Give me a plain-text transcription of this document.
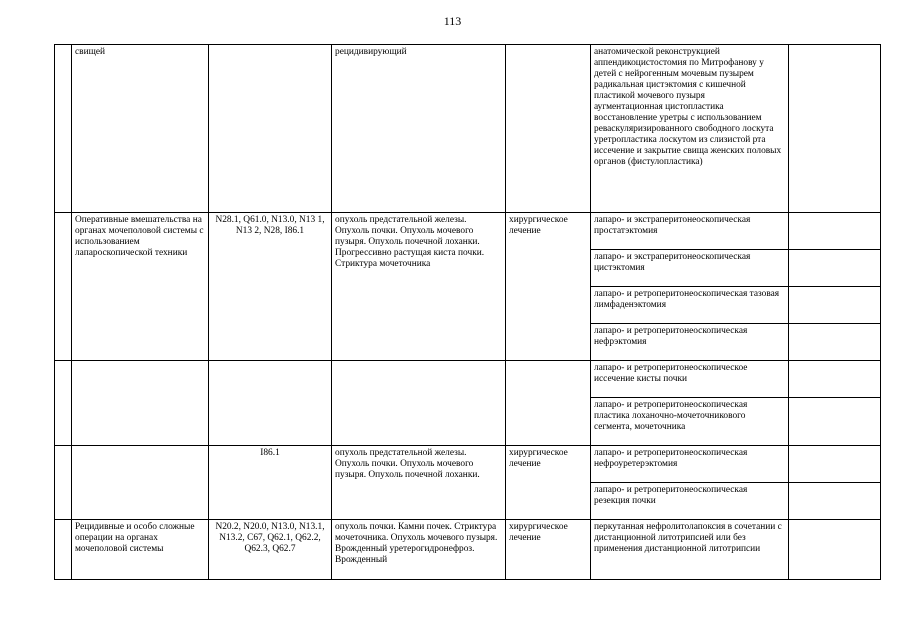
113
	свищей		рецидивирующий		анатомической реконструкцией
аппендикоцистостомия по Митрофанову у детей с нейрогенным мочевым пузырем
радикальная цистэктомия с кишечной пластикой мочевого пузыря
аугментационная цистопластика
восстановление уретры с использованием реваскуляризированного свободного лоскута уретропластика лоскутом из слизистой рта иссечение и закрытие свища женских половых органов (фистулопластика)	
	Оперативные вмешательства на органах мочеполовой системы с использованием лапароскопической техники	N28.1, Q61.0, N13.0, N13 1, N13 2, N28, I86.1	опухоль предстательной железы. Опухоль почки. Опухоль мочевого пузыря. Опухоль почечной лоханки. Прогрессивно растущая киста почки. Стриктура мочеточника	хирургическое лечение	лапаро- и экстраперитонеоскопическая простатэктомия	
					лапаро- и экстраперитонеоскопическая цистэктомия	
					лапаро- и ретроперитонеоскопическая тазовая лимфаденэктомия	
					лапаро- и ретроперитонеоскопическая нефрэктомия	
					лапаро- и ретроперитонеоскопическое иссечение кисты почки	
					лапаро- и ретроперитонеоскопическая пластика лоханочно-мочеточникового сегмента, мочеточника	
		I86.1	опухоль предстательной железы. Опухоль почки. Опухоль мочевого пузыря. Опухоль почечной лоханки.	хирургическое лечение	лапаро- и ретроперитонеоскопическая нефроуретерэктомия	
					лапаро- и ретроперитонеоскопическая резекция почки	
	Рецидивные и особо сложные операции на органах мочеполовой системы	N20.2, N20.0, N13.0, N13.1, N13.2, C67, Q62.1, Q62.2, Q62.3, Q62.7	опухоль почки. Камни почек. Стриктура мочеточника. Опухоль мочевого пузыря. Врожденный уретерогидронефроз. Врожденный	хирургическое лечение	перкутанная нефролитолапоксия в сочетании с дистанционной литотрипсией или без применения дистанционной литотрипсии	
